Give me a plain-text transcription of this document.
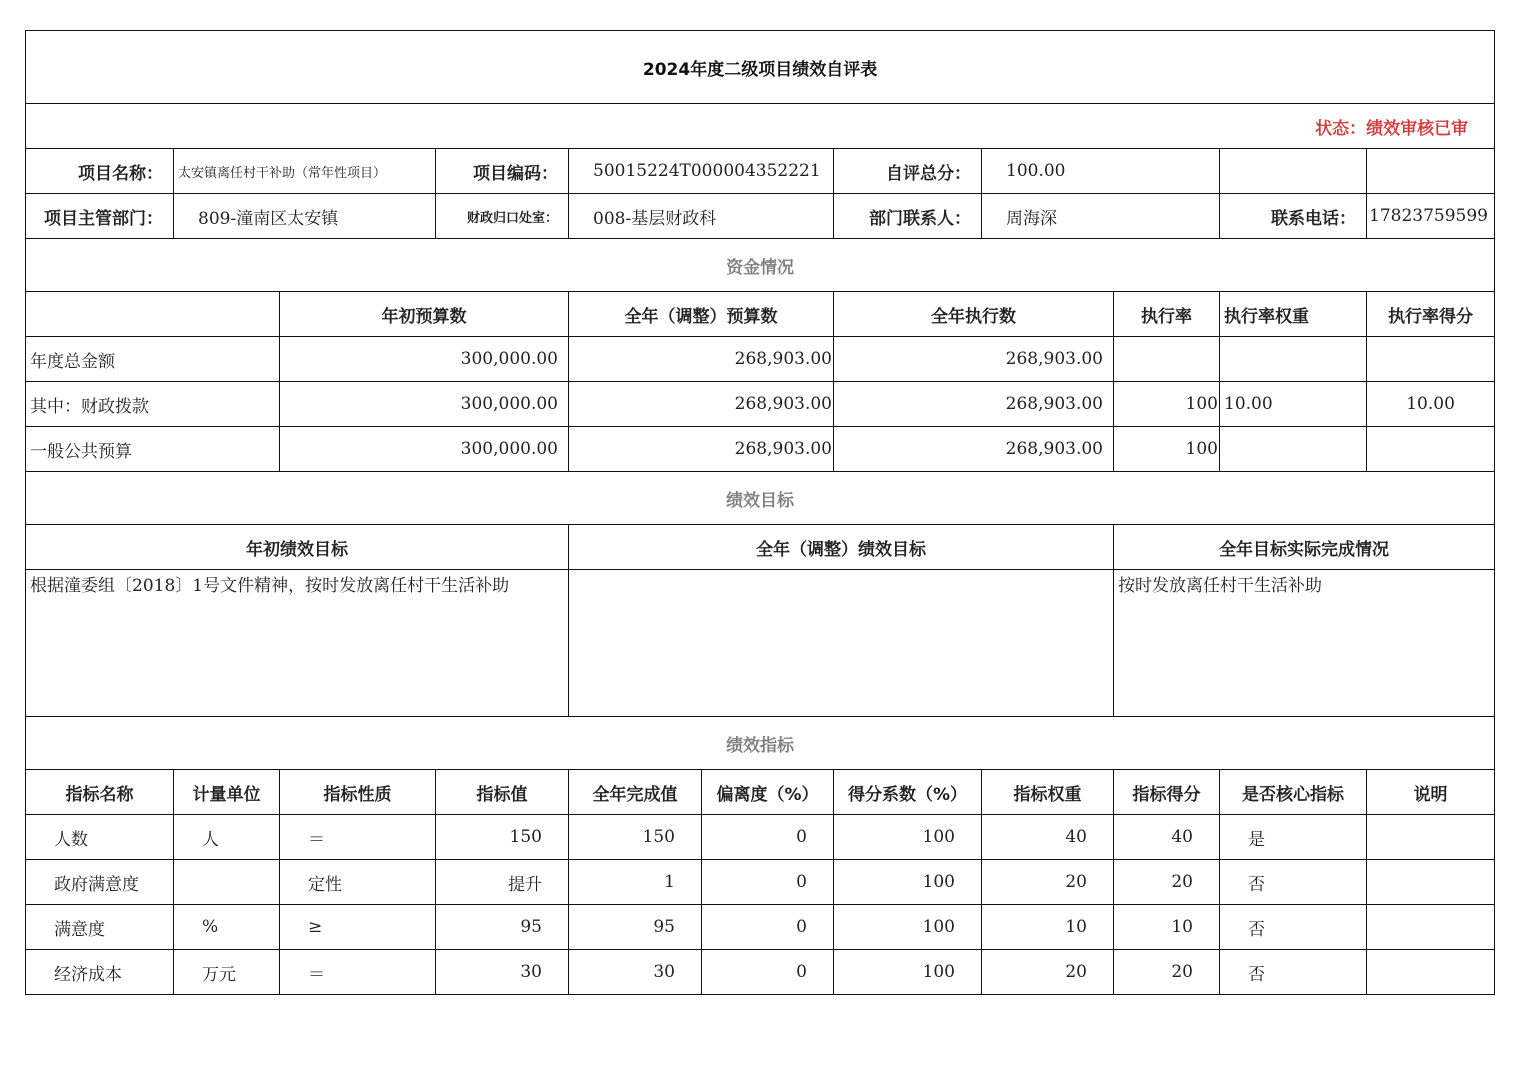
2024年度二级项目绩效自评表										
状态：绩效审核已审										
项目名称：	太安镇离任村干补助（常年性项目）		项目编码：	50015224T000004352221		自评总分：	100.00			
项目主管部门：	809-潼南区太安镇		财政归口处室：	008-基层财政科		部门联系人：	周海深		联系电话：	17823759599
资金情况										
		年初预算数		全年（调整）预算数		全年执行数		执行率	执行率权重	执行率得分
年度总金额		300,000.00		268,903.00		268,903.00				
其中：财政拨款		300,000.00		268,903.00		268,903.00		100	10.00	10.00
一般公共预算		300,000.00		268,903.00		268,903.00		100		
绩效目标										
年初绩效目标				全年（调整）绩效目标				全年目标实际完成情况		
根据潼委组〔2018〕1号文件精神，按时发放离任村干生活补助								按时发放离任村干生活补助		
绩效指标										
指标名称	计量单位	指标性质	指标值	全年完成值	偏离度（%）	得分系数（%）	指标权重	指标得分	是否核心指标	说明
人数	人	＝	150	150	0	100	40	40	是	
政府满意度		定性	提升	1	0	100	20	20	否	
满意度	%	≥	95	95	0	100	10	10	否	
经济成本	万元	＝	30	30	0	100	20	20	否	
